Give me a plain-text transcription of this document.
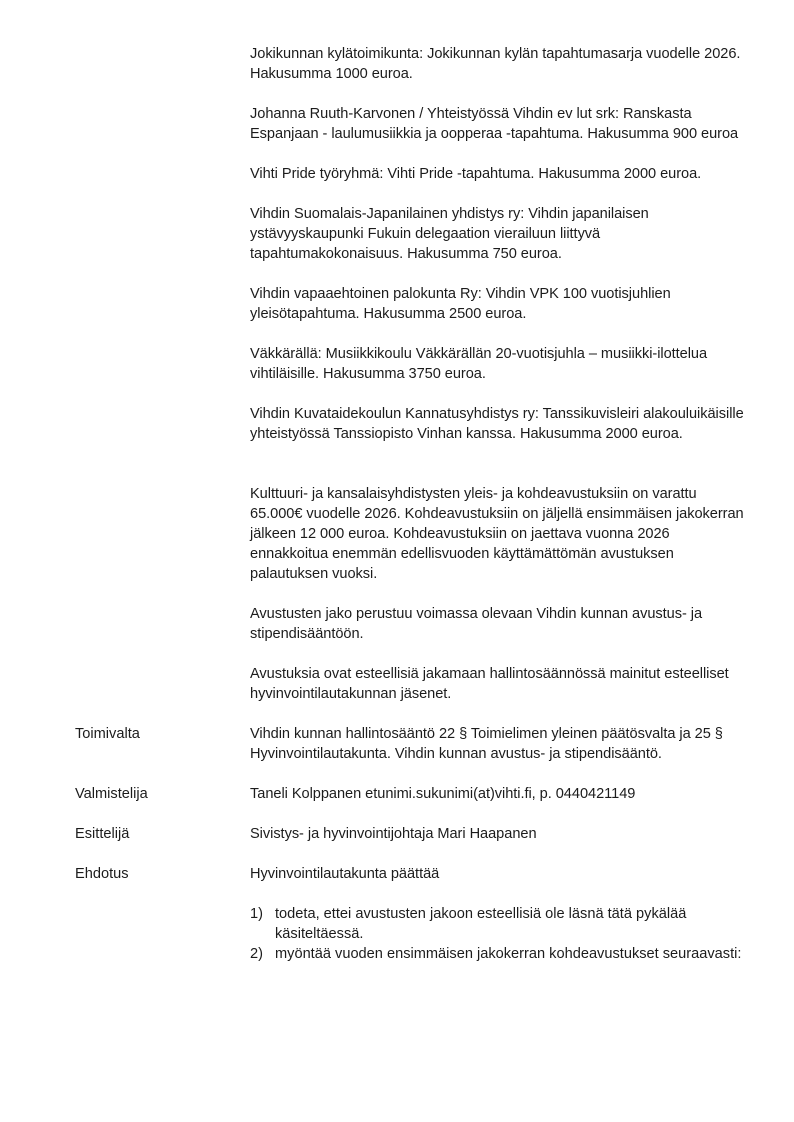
Jokikunnan kylätoimikunta: Jokikunnan kylän tapahtumasarja vuodelle 2026. Hakusumma 1000 euroa.

Johanna Ruuth-Karvonen / Yhteistyössä Vihdin ev lut srk: Ranskasta Espanjaan - laulumusiikkia ja oopperaa -tapahtuma. Hakusumma 900 euroa

Vihti Pride työryhmä: Vihti Pride -tapahtuma. Hakusumma 2000 euroa.

Vihdin Suomalais-Japanilainen yhdistys ry: Vihdin japanilaisen ystävyyskaupunki Fukuin delegaation vierailuun liittyvä tapahtumakokonaisuus. Hakusumma 750 euroa.

Vihdin vapaaehtoinen palokunta Ry: Vihdin VPK 100 vuotisjuhlien yleisötapahtuma. Hakusumma 2500 euroa.

Väkkärällä: Musiikkikoulu Väkkärällän 20-vuotisjuhla – musiikki-ilottelua vihtiläisille. Hakusumma 3750 euroa.

Vihdin Kuvataidekoulun Kannatusyhdistys ry: Tanssikuvisleiri alakouluikäisille yhteistyössä Tanssiopisto Vinhan kanssa. Hakusumma 2000 euroa.

Kulttuuri- ja kansalaisyhdistysten yleis- ja kohdeavustuksiin on varattu 65.000€ vuodelle 2026. Kohdeavustuksiin on jäljellä ensimmäisen jakokerran jälkeen 12 000 euroa. Kohdeavustuksiin on jaettava vuonna 2026 ennakkoitua enemmän edellisvuoden käyttämättömän avustuksen palautuksen vuoksi.

Avustusten jako perustuu voimassa olevaan Vihdin kunnan avustus- ja stipendisääntöön.

Avustuksia ovat esteellisiä jakamaan hallintosäännössä mainitut esteelliset hyvinvointilautakunnan jäsenet.

Toimivalta	Vihdin kunnan hallintosääntö 22 § Toimielimen yleinen päätösvalta ja 25 § Hyvinvointilautakunta. Vihdin kunnan avustus- ja stipendisääntö.
Valmistelija	Taneli Kolppanen etunimi.sukunimi(at)vihti.fi, p. 0440421149
Esittelijä	Sivistys- ja hyvinvointijohtaja Mari Haapanen
Ehdotus	Hyvinvointilautakunta päättää
1) todeta, ettei avustusten jakoon esteellisiä ole läsnä tätä pykälää käsiteltäessä.
2) myöntää vuoden ensimmäisen jakokerran kohdeavustukset seuraavasti:
